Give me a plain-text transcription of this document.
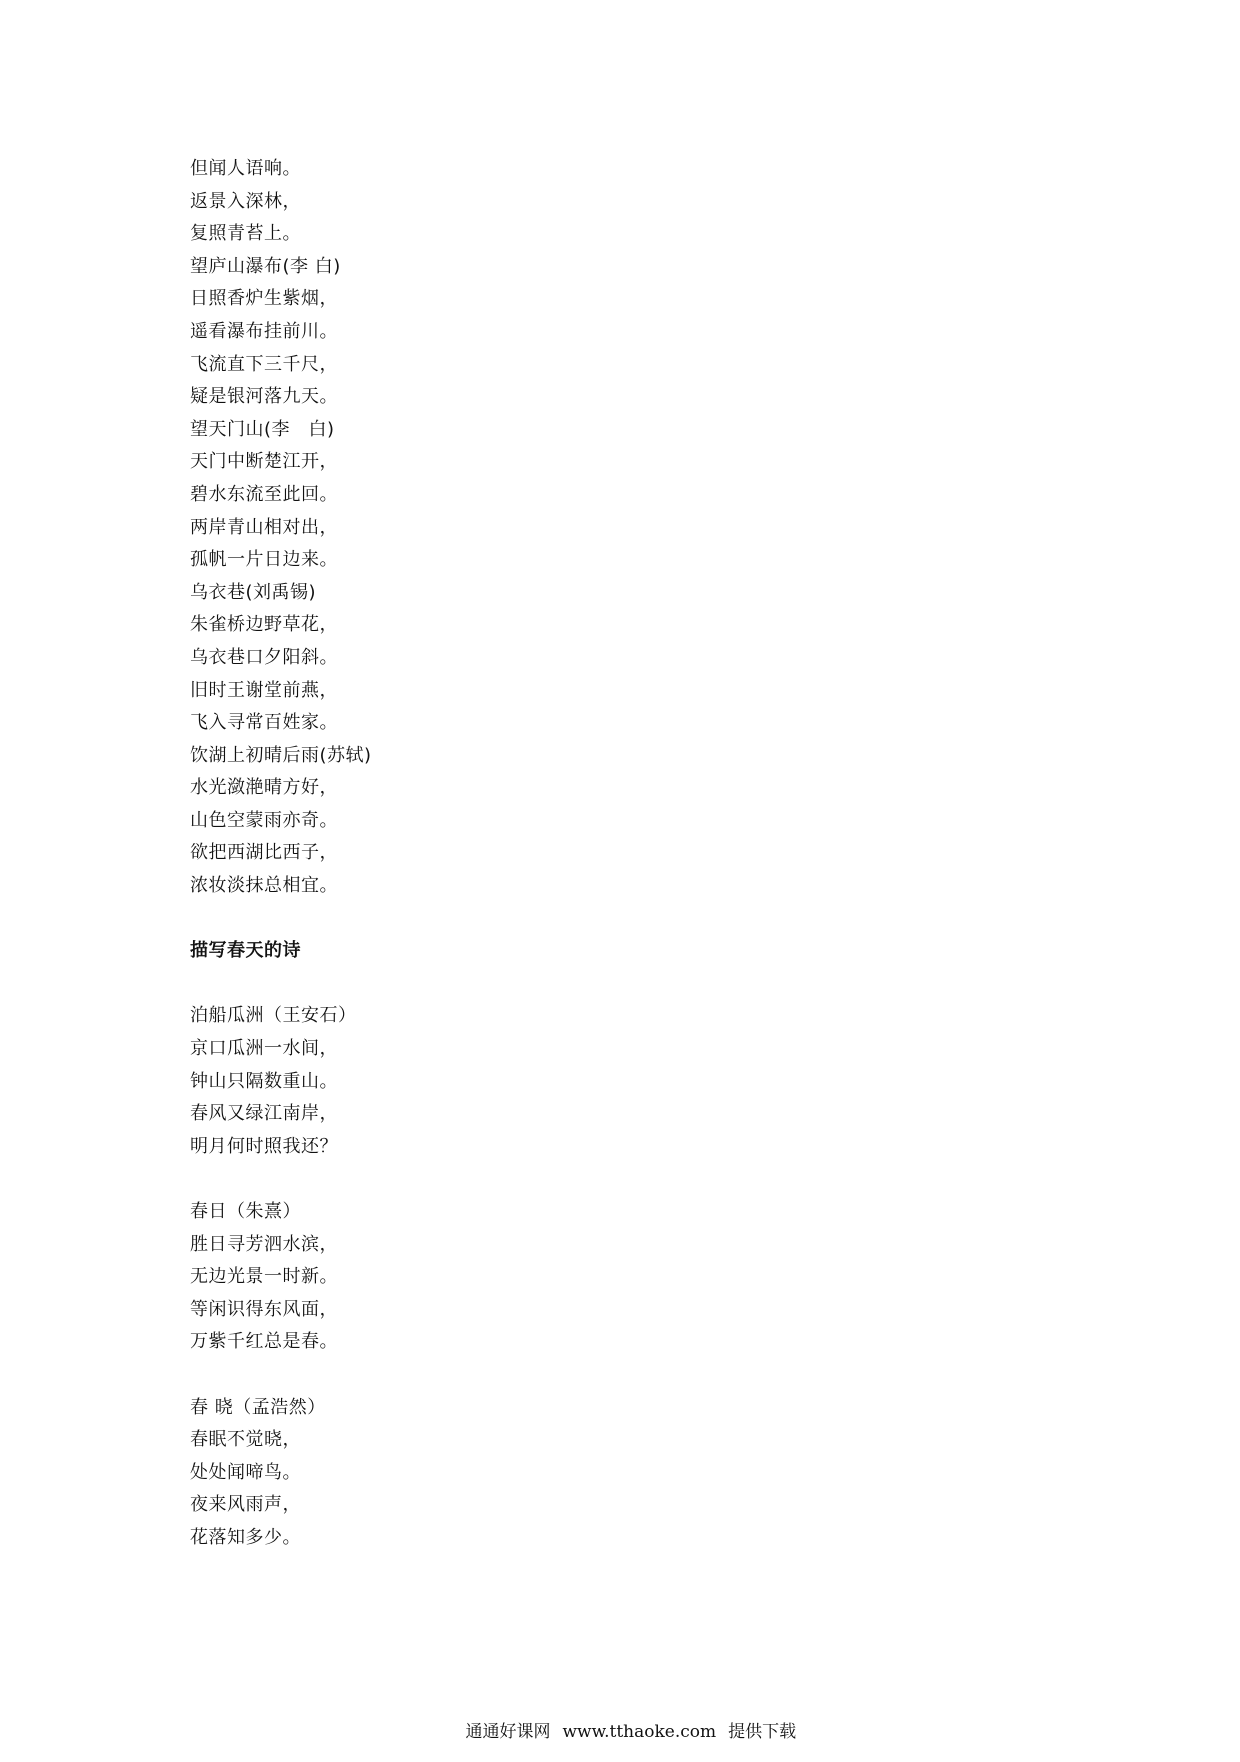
但闻人语响。
返景入深林，
复照青苔上。
望庐山瀑布(李 白)
日照香炉生紫烟，
遥看瀑布挂前川。
飞流直下三千尺，
疑是银河落九天。
望天门山(李　白)
天门中断楚江开，
碧水东流至此回。
两岸青山相对出，
孤帆一片日边来。
乌衣巷(刘禹锡)
朱雀桥边野草花，
乌衣巷口夕阳斜。
旧时王谢堂前燕，
飞入寻常百姓家。
饮湖上初晴后雨(苏轼)
水光潋滟晴方好，
山色空蒙雨亦奇。
欲把西湖比西子，
浓妆淡抹总相宜。
描写春天的诗
泊船瓜洲（王安石）
京口瓜洲一水间，
钟山只隔数重山。
春风又绿江南岸，
明月何时照我还？
春日（朱熹）
胜日寻芳泗水滨，
无边光景一时新。
等闲识得东风面，
万紫千红总是春。
春 晓（孟浩然）
春眠不觉晓，
处处闻啼鸟。
夜来风雨声，
花落知多少。

通通好课网 www.tthaoke.com 提供下载
